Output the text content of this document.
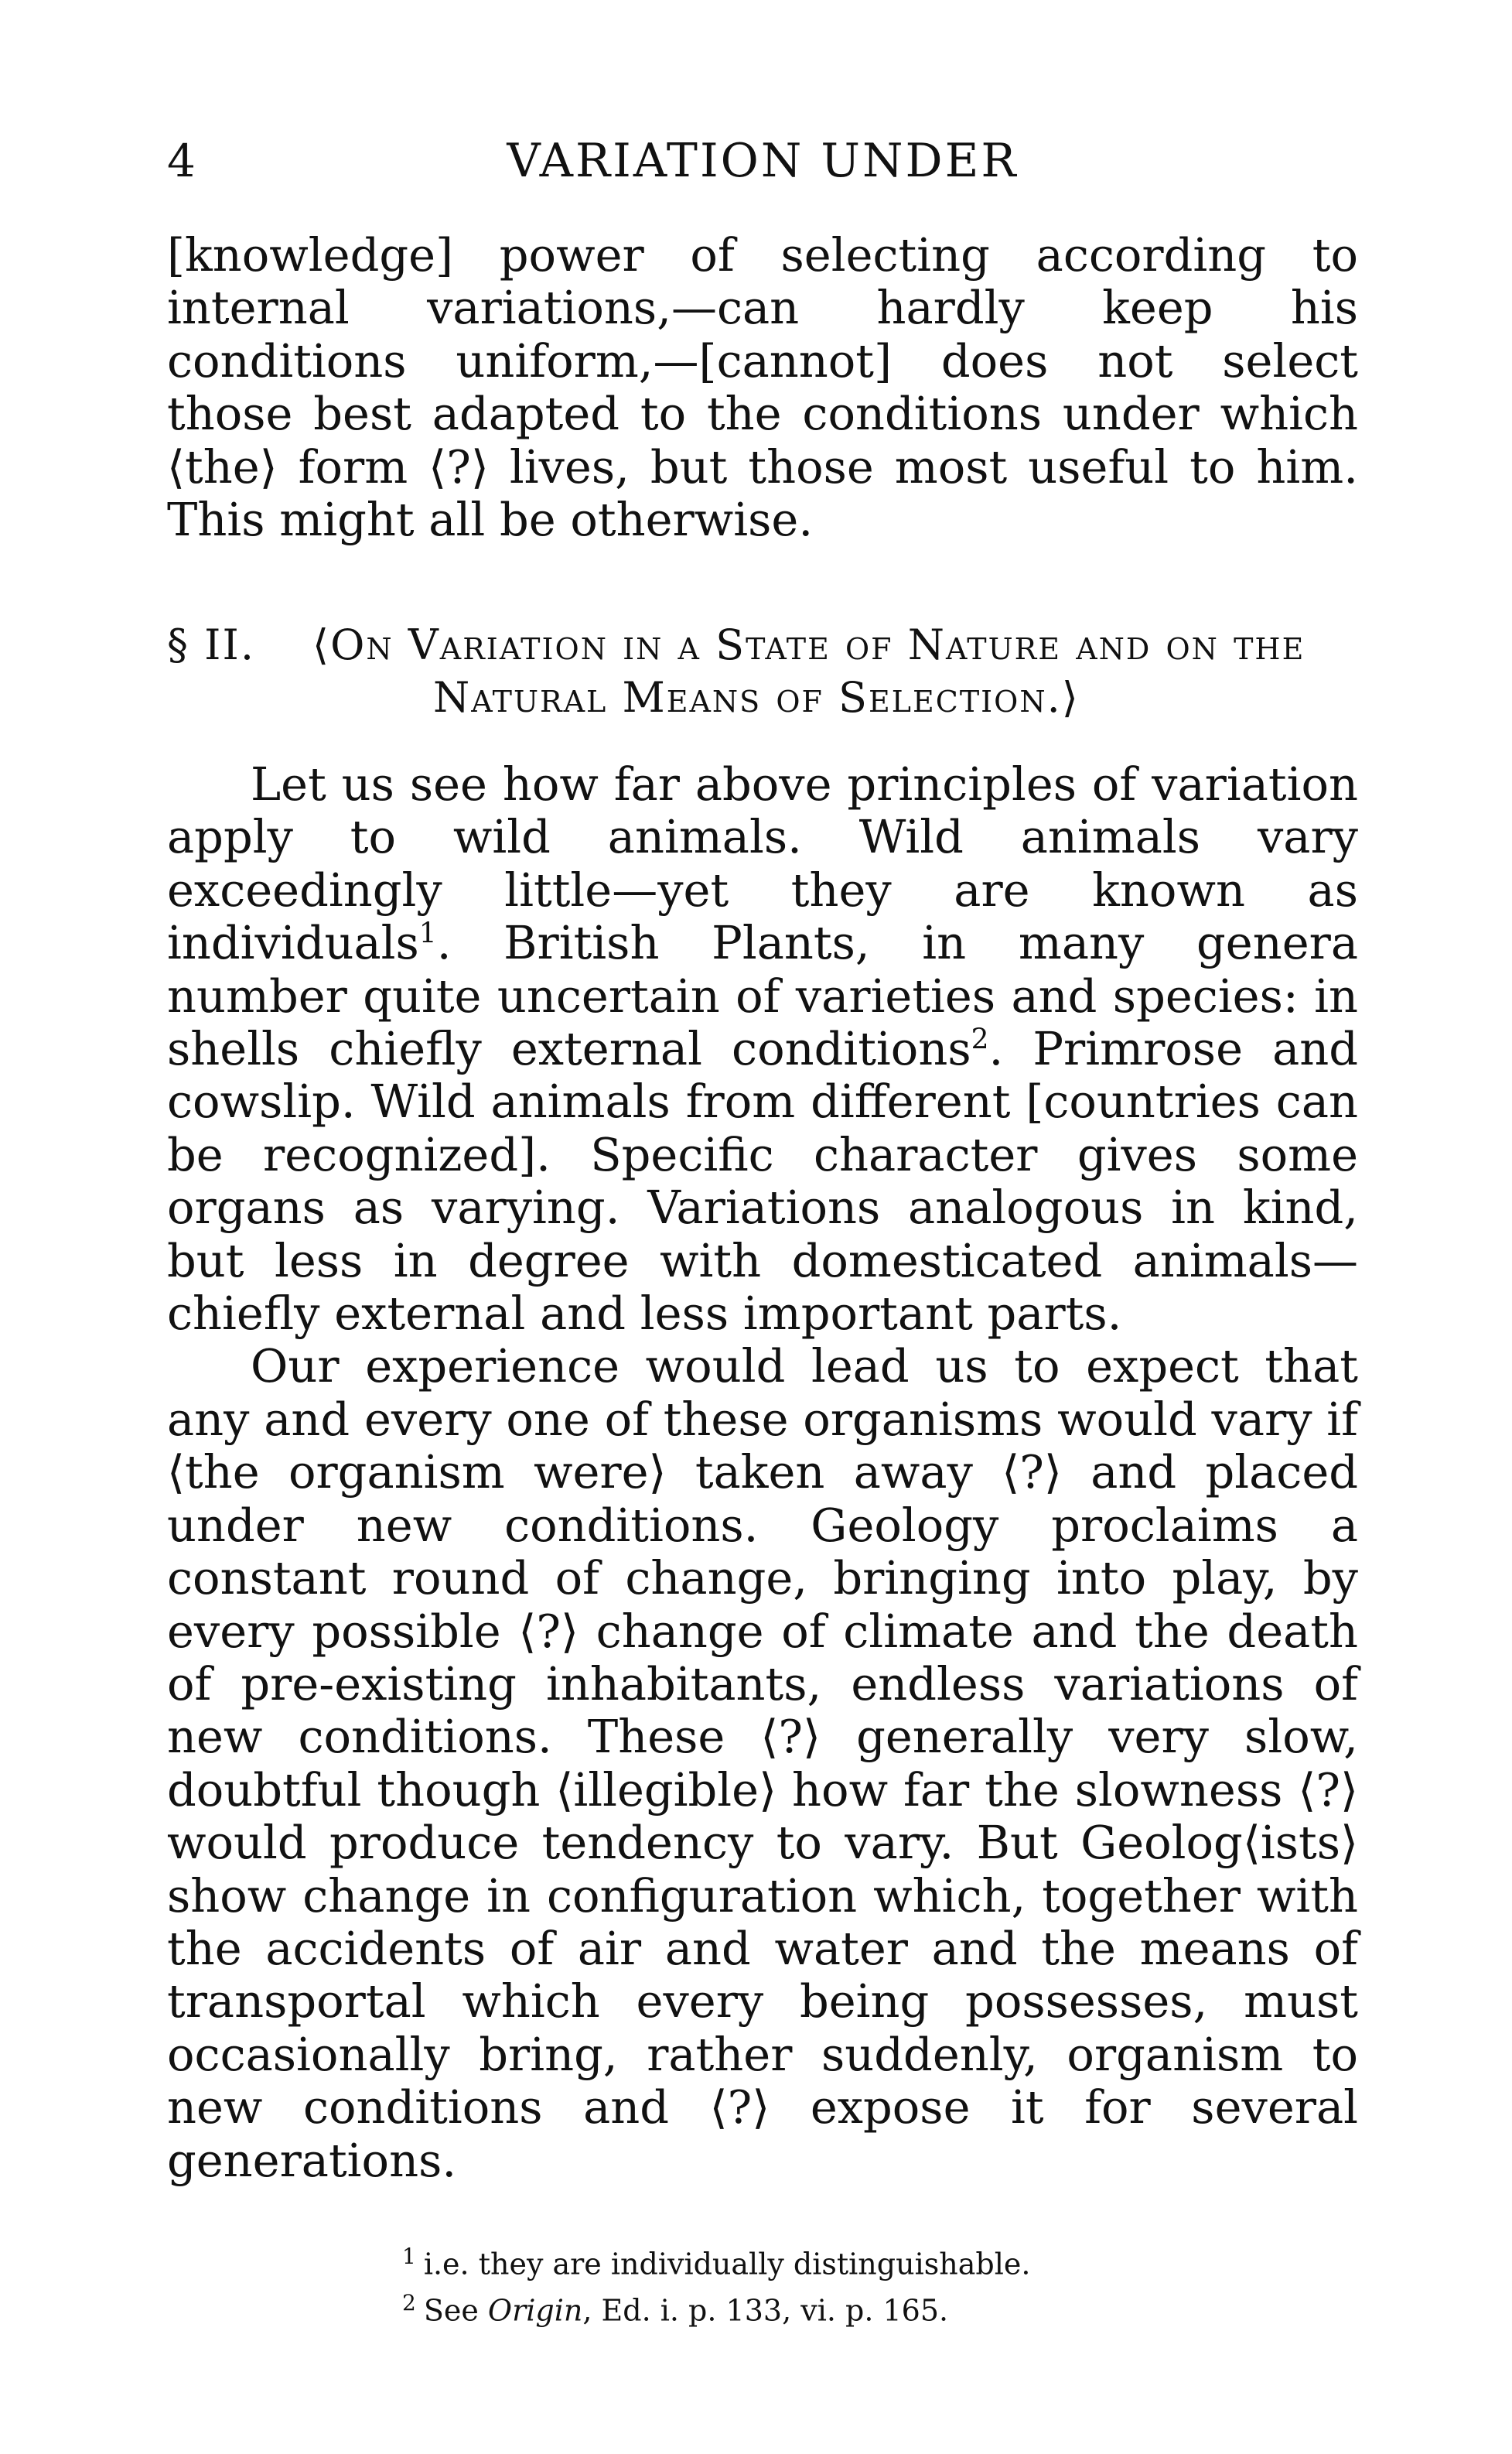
4	VARIATION UNDER

[knowledge] power of selecting according to internal variations,—can hardly keep his conditions uniform,—[cannot] does not select those best adapted to the conditions under which ⟨the⟩ form ⟨?⟩ lives, but those most useful to him. This might all be otherwise.

§ II.	⟨On Variation in a State of Nature and on the Natural Means of Selection.⟩

Let us see how far above principles of variation apply to wild animals. Wild animals vary exceedingly little—yet they are known as individuals$^1$. British Plants, in many genera number quite uncertain of varieties and species: in shells chiefly external conditions$^2$. Primrose and cowslip. Wild animals from different [countries can be recognized]. Specific character gives some organs as varying. Variations analogous in kind, but less in degree with domesticated animals—chiefly external and less important parts.

Our experience would lead us to expect that any and every one of these organisms would vary if ⟨the organism were⟩ taken away ⟨?⟩ and placed under new conditions. Geology proclaims a constant round of change, bringing into play, by every possible ⟨?⟩ change of climate and the death of pre-existing inhabitants, endless variations of new conditions. These ⟨?⟩ generally very slow, doubtful though ⟨illegible⟩ how far the slowness ⟨?⟩ would produce tendency to vary. But Geolog⟨ists⟩ show change in configuration which, together with the accidents of air and water and the means of transportal which every being possesses, must occasionally bring, rather suddenly, organism to new conditions and ⟨?⟩ expose it for several generations.

$^1$ i.e. they are individually distinguishable.
$^2$ See Origin, Ed. i. p. 133, vi. p. 165.
